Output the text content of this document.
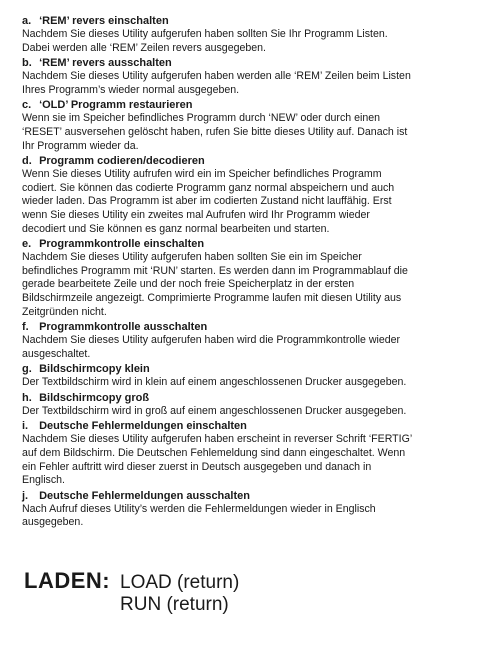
a. ‘REM’ revers einschalten

Nachdem Sie dieses Utility aufgerufen haben sollten Sie Ihr Programm Listen.
Dabei werden alle ‘REM’ Zeilen revers ausgegeben.

b. ‘REM’ revers ausschalten

Nachdem Sie dieses Utility aufgerufen haben werden alle ‘REM’ Zeilen beim Listen
Ihres Programm’s wieder normal ausgegeben.

c. ‘OLD’ Programm restaurieren

Wenn sie im Speicher befindliches Programm durch ‘NEW’ oder durch einen
‘RESET’ ausversehen gelöscht haben, rufen Sie bitte dieses Utility auf. Danach ist
Ihr Programm wieder da.

d. Programm codieren/decodieren

Wenn Sie dieses Utility aufrufen wird ein im Speicher befindliches Programm
codiert. Sie können das codierte Programm ganz normal abspeichern und auch
wieder laden. Das Programm ist aber im codierten Zustand nicht lauffähig. Erst
wenn Sie dieses Utility ein zweites mal Aufrufen wird Ihr Programm wieder
decodiert und Sie können es ganz normal bearbeiten und starten.

e. Programmkontrolle einschalten

Nachdem Sie dieses Utility aufgerufen haben sollten Sie ein im Speicher
befindliches Programm mit ‘RUN’ starten. Es werden dann im Programmablauf die
gerade bearbeitete Zeile und der noch freie Speicherplatz in der ersten
Bildschirmzeile angezeigt. Comprimierte Programme laufen mit diesen Utility aus
Zeitgründen nicht.

f. Programmkontrolle ausschalten

Nachdem Sie dieses Utility aufgerufen haben wird die Programmkontrolle wieder
ausgeschaltet.

g. Bildschirmcopy klein

Der Textbildschirm wird in klein auf einem angeschlossenen Drucker ausgegeben.

h. Bildschirmcopy groß

Der Textbildschirm wird in groß auf einem angeschlossenen Drucker ausgegeben.

i. Deutsche Fehlermeldungen einschalten

Nachdem Sie dieses Utility aufgerufen haben erscheint in reverser Schrift ‘FERTIG’
auf dem Bildschirm. Die Deutschen Fehlemeldung sind dann eingeschaltet. Wenn
ein Fehler auftritt wird dieser zuerst in Deutsch ausgegeben und danach in
Englisch.

j. Deutsche Fehlermeldungen ausschalten

Nach Aufruf dieses Utility’s werden die Fehlermeldungen wieder in Englisch
ausgegeben.

LADEN: LOAD (return)
RUN (return)
